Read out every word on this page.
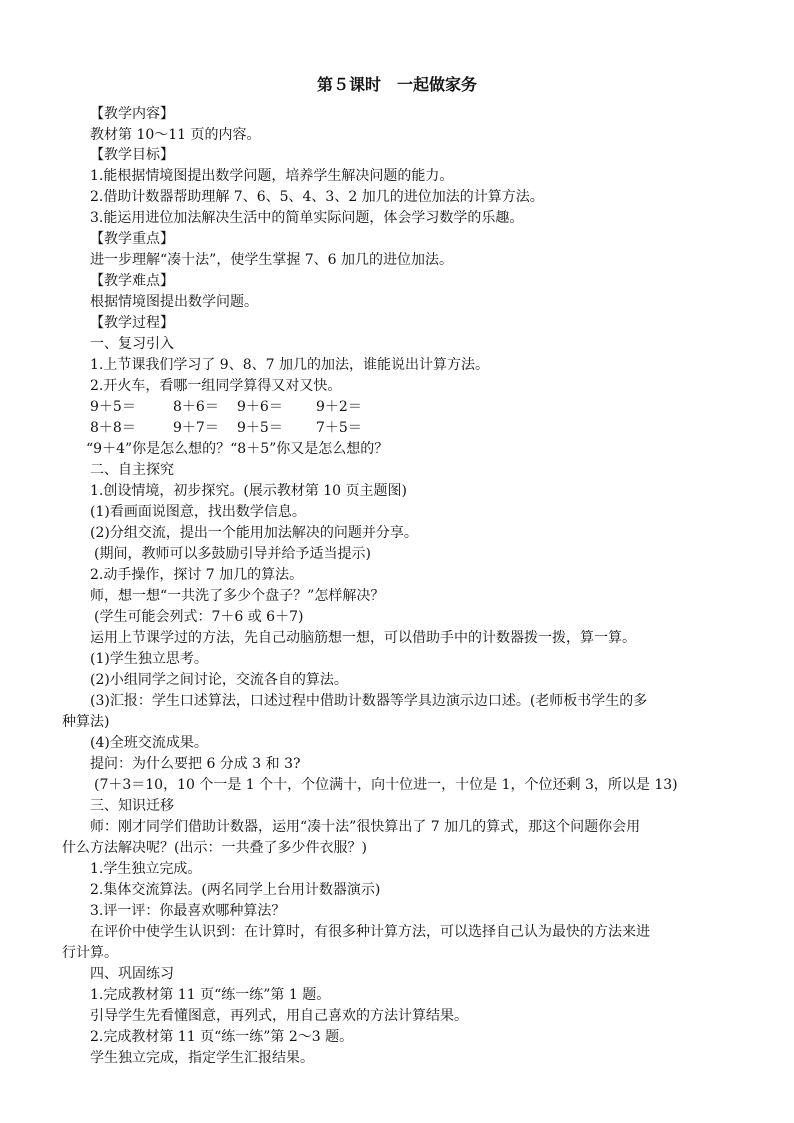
第５课时　一起做家务
【教学内容】
教材第 10～11 页的内容。
【教学目标】
1.能根据情境图提出数学问题，培养学生解决问题的能力。
2.借助计数器帮助理解 7、6、5、4、3、2 加几的进位加法的计算方法。
3.能运用进位加法解决生活中的简单实际问题，体会学习数学的乐趣。
【教学重点】
进一步理解“凑十法”，使学生掌握 7、6 加几的进位加法。
【教学难点】
根据情境图提出数学问题。
【教学过程】
一、复习引入
1.上节课我们学习了 9、8、7 加几的加法，谁能说出计算方法。
2.开火车，看哪一组同学算得又对又快。
9＋5＝	8＋6＝ 9＋6＝ 9＋2＝
8＋8＝	9＋7＝ 9＋5＝ 7＋5＝
“9＋4”你是怎么想的？“8＋5”你又是怎么想的？
二、自主探究
1.创设情境，初步探究。(展示教材第 10 页主题图)
(1)看画面说图意，找出数学信息。
(2)分组交流，提出一个能用加法解决的问题并分享。
(期间，教师可以多鼓励引导并给予适当提示)
2.动手操作，探讨 7 加几的算法。
师，想一想“一共洗了多少个盘子？”怎样解决？
(学生可能会列式：7＋6 或 6＋7)
运用上节课学过的方法，先自己动脑筋想一想，可以借助手中的计数器拨一拨，算一算。
(1)学生独立思考。
(2)小组同学之间讨论，交流各自的算法。
(3)汇报：学生口述算法，口述过程中借助计数器等学具边演示边口述。(老师板书学生的多
种算法)
(4)全班交流成果。
提问：为什么要把 6 分成 3 和 3?
(7＋3＝10，10 个一是 1 个十，个位满十，向十位进一，十位是 1，个位还剩 3，所以是 13)
三、知识迁移
师：刚才同学们借助计数器，运用“凑十法”很快算出了 7 加几的算式，那这个问题你会用
什么方法解决呢？(出示：一共叠了多少件衣服？)
1.学生独立完成。
2.集体交流算法。(两名同学上台用计数器演示)
3.评一评：你最喜欢哪种算法？
在评价中使学生认识到：在计算时，有很多种计算方法，可以选择自己认为最快的方法来进
行计算。
四、巩固练习
1.完成教材第 11 页“练一练”第 1 题。
引导学生先看懂图意，再列式，用自己喜欢的方法计算结果。
2.完成教材第 11 页“练一练”第 2～3 题。
学生独立完成，指定学生汇报结果。
